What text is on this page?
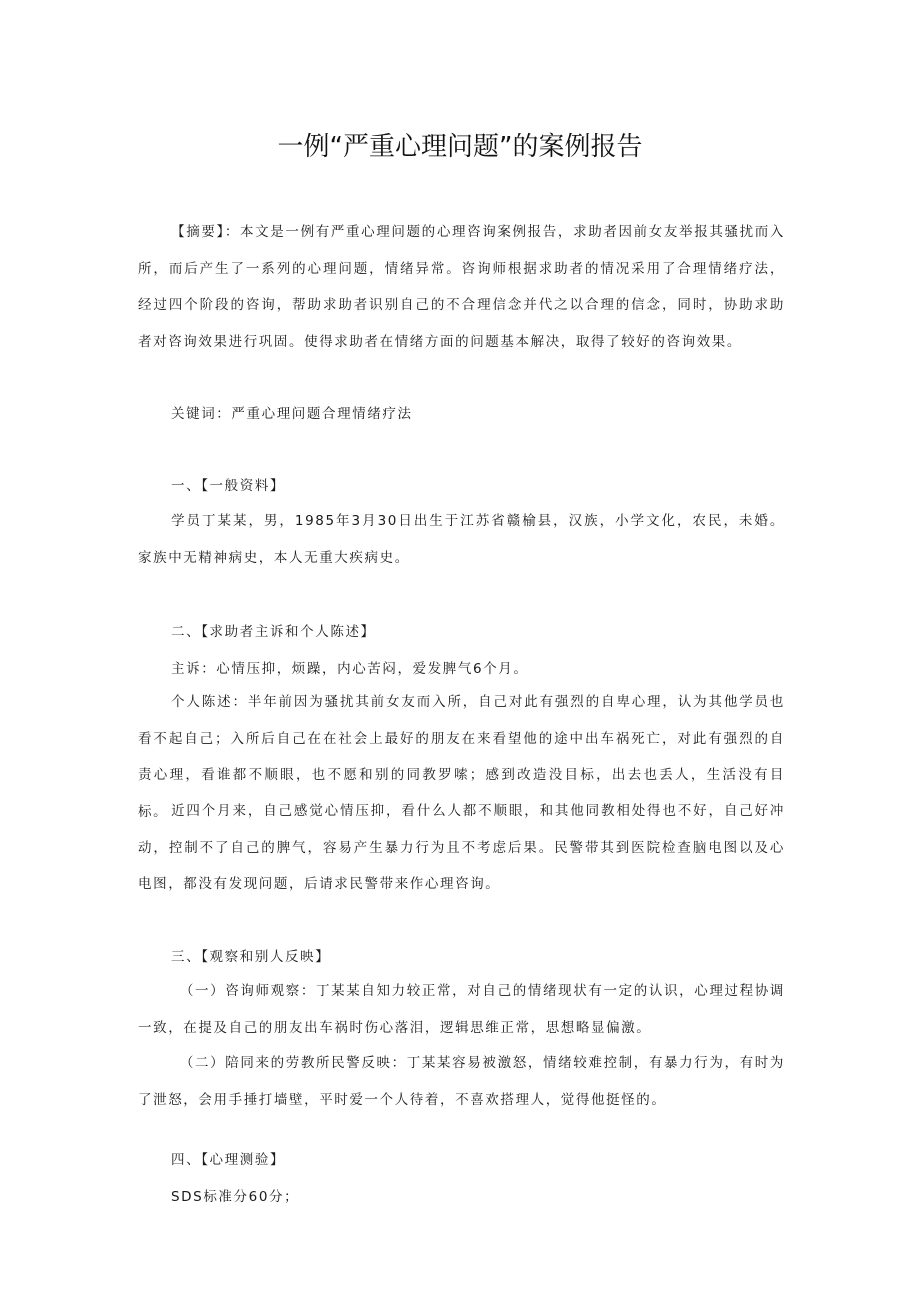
一例“严重心理问题”的案例报告

【摘要】：本文是一例有严重心理问题的心理咨询案例报告，求助者因前女友举报其骚扰而入所，而后产生了一系列的心理问题，情绪异常。咨询师根据求助者的情况采用了合理情绪疗法，经过四个阶段的咨询，帮助求助者识别自己的不合理信念并代之以合理的信念，同时，协助求助者对咨询效果进行巩固。使得求助者在情绪方面的问题基本解决，取得了较好的咨询效果。

关键词：严重心理问题合理情绪疗法
一、【一般资料】

学员丁某某，男，1985年3月30日出生于江苏省赣榆县，汉族，小学文化，农民，未婚。家族中无精神病史，本人无重大疾病史。

二、【求助者主诉和个人陈述】
主诉：心情压抑，烦躁，内心苦闷，爱发脾气6个月。

个人陈述：半年前因为骚扰其前女友而入所，自己对此有强烈的自卑心理，认为其他学员也看不起自己；入所后自己在在社会上最好的朋友在来看望他的途中出车祸死亡，对此有强烈的自责心理，看谁都不顺眼，也不愿和别的同教罗嗦；感到改造没目标，出去也丢人，生活没有目标。 近四个月来，自己感觉心情压抑，看什么人都不顺眼，和其他同教相处得也不好，自己好冲动，控制不了自己的脾气，容易产生暴力行为且不考虑后果。民警带其到医院检查脑电图以及心电图，都没有发现问题，后请求民警带来作心理咨询。

三、【观察和别人反映】

（一）咨询师观察：丁某某自知力较正常，对自己的情绪现状有一定的认识，心理过程协调一致，在提及自己的朋友出车祸时伤心落泪，逻辑思维正常，思想略显偏激。

（二）陪同来的劳教所民警反映：丁某某容易被激怒，情绪较难控制，有暴力行为，有时为了泄怒，会用手捶打墙壁，平时爱一个人待着，不喜欢搭理人，觉得他挺怪的。

四、【心理测验】
SDS标准分60分；
